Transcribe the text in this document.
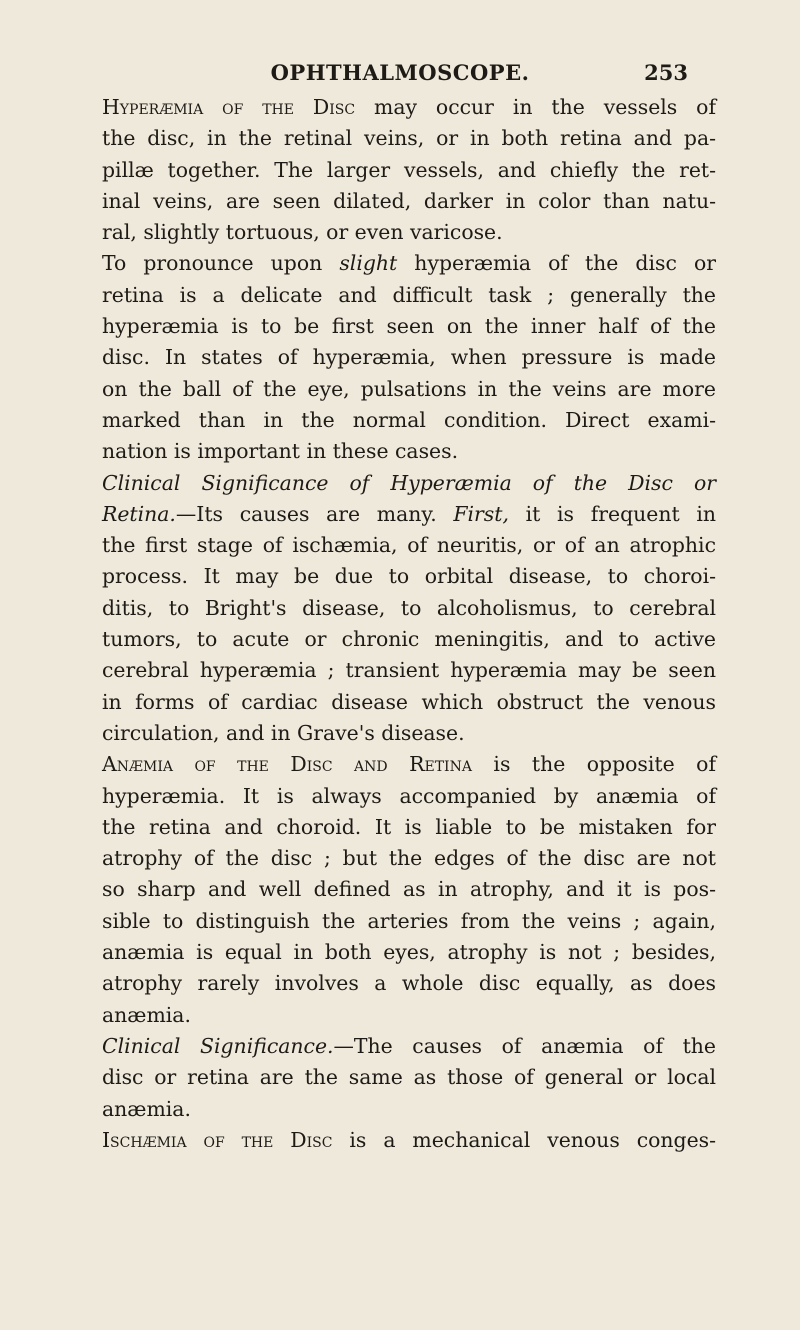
OPHTHALMOSCOPE.	253
Hyperæmia of the Disc may occur in the vessels of
the disc, in the retinal veins, or in both retina and pa-
pillæ together. The larger vessels, and chiefly the ret-
inal veins, are seen dilated, darker in color than natu-
ral, slightly tortuous, or even varicose.
To pronounce upon slight hyperæmia of the disc or
retina is a delicate and difficult task ; generally the
hyperæmia is to be first seen on the inner half of the
disc. In states of hyperæmia, when pressure is made
on the ball of the eye, pulsations in the veins are more
marked than in the normal condition. Direct exami-
nation is important in these cases.
Clinical Significance of Hyperæmia of the Disc or
Retina.—Its causes are many. First, it is frequent in
the first stage of ischæmia, of neuritis, or of an atrophic
process. It may be due to orbital disease, to choroi-
ditis, to Bright's disease, to alcoholismus, to cerebral
tumors, to acute or chronic meningitis, and to active
cerebral hyperæmia ; transient hyperæmia may be seen
in forms of cardiac disease which obstruct the venous
circulation, and in Grave's disease.
Anæmia of the Disc and Retina is the opposite of
hyperæmia. It is always accompanied by anæmia of
the retina and choroid. It is liable to be mistaken for
atrophy of the disc ; but the edges of the disc are not
so sharp and well defined as in atrophy, and it is pos-
sible to distinguish the arteries from the veins ; again,
anæmia is equal in both eyes, atrophy is not ; besides,
atrophy rarely involves a whole disc equally, as does
anæmia.
Clinical Significance.—The causes of anæmia of the
disc or retina are the same as those of general or local
anæmia.
Ischæmia of the Disc is a mechanical venous conges-
